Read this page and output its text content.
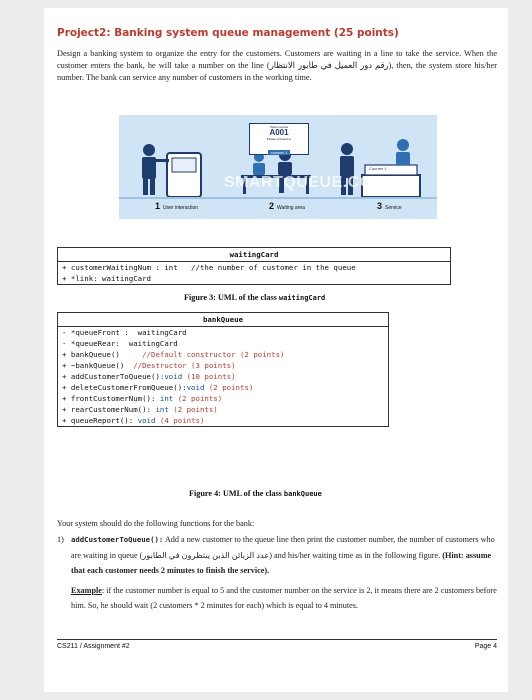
Project2: Banking system queue management (25 points)
Design a banking system to organize the entry for the customers. Customers are waiting in a line to take the service. When the customer enters the bank, he will take a number on the line (رقم دور العميل في طابور الانتظار), then, the system store his/her number. The bank can service any number of customers in the working time.
Ticket number
A001
Please proceed to
counter 1
Counter 1
SMARTQUEUE.COM.AU
1 User interaction	2 Waiting area	3 Service
waitingCard
+ customerWaitingNum : int   //the number of customer in the queue
+ *link: waitingCard
Figure 3: UML of the class waitingCard
bankQueue
- *queueFront :  waitingCard
- *queueRear:  waitingCard
+ bankQueue()     //Default constructor (2 points)
+ ~bankQueue()  //Destructor (3 points)
+ addCustomerToQueue():void (10 points)
+ deleteCustomerFromQueue():void (2 points)
+ frontCustomerNum(): int (2 points)
+ rearCustomerNum(): int (2 points)
+ queueReport(): void (4 points)
Figure 4: UML of the class bankQueue
Your system should do the following functions for the bank:
1) addCustomerToQueue(): Add a new customer to the queue line then print the customer number, the number of customers who are waiting in queue (عدد الزبائن الذين ينتظرون في الطابور) and his/her waiting time as in the following figure. (Hint: assume that each customer needs 2 minutes to finish the service).
Example: if the customer number is equal to 5 and the customer number on the service is 2, it means there are 2 customers before him. So, he should wait (2 customers * 2 minutes for each) which is equal to 4 minutes.
CS211 / Assignment #2	Page 4
